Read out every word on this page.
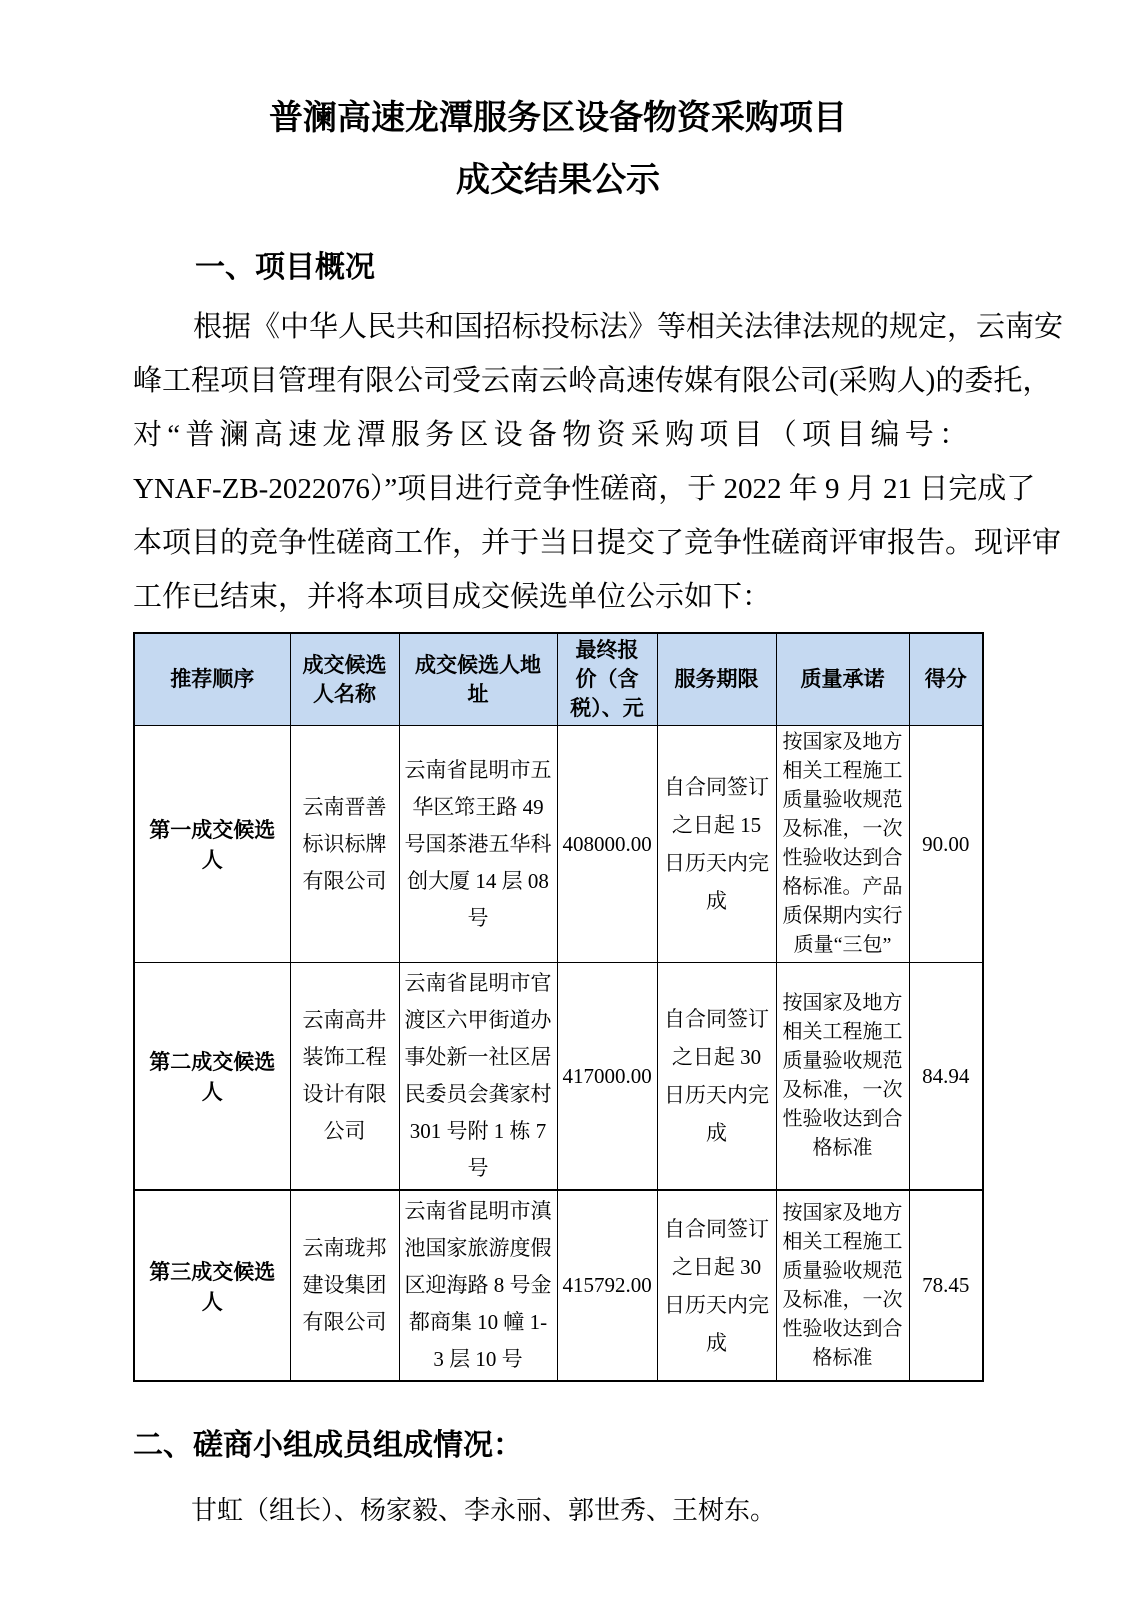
普澜高速龙潭服务区设备物资采购项目
成交结果公示
一、项目概况
根据《中华人民共和国招标投标法》等相关法律法规的规定，云南安
峰工程项目管理有限公司受云南云岭高速传媒有限公司(采购人)的委托，
对“普澜高速龙潭服务区设备物资采购项目（项目编号：
YNAF-ZB-2022076）”项目进行竞争性磋商，于 2022 年 9 月 21 日完成了
本项目的竞争性磋商工作，并于当日提交了竞争性磋商评审报告。现评审
工作已结束，并将本项目成交候选单位公示如下：
推荐顺序	成交候选人名称	成交候选人地址	最终报价（含税）、元	服务期限	质量承诺	得分
第一成交候选人	云南晋善标识标牌有限公司	云南省昆明市五华区筇王路 49 号国茶港五华科创大厦 14 层 08 号	408000.00	自合同签订之日起 15 日历天内完成	按国家及地方相关工程施工质量验收规范及标准，一次性验收达到合格标准。产品质保期内实行质量“三包”	90.00
第二成交候选人	云南高井装饰工程设计有限公司	云南省昆明市官渡区六甲街道办事处新一社区居民委员会龚家村 301 号附 1 栋 7 号	417000.00	自合同签订之日起 30 日历天内完成	按国家及地方相关工程施工质量验收规范及标准，一次性验收达到合格标准	84.94
第三成交候选人	云南珑邦建设集团有限公司	云南省昆明市滇池国家旅游度假区迎海路 8 号金都商集 10 幢 1-3 层 10 号	415792.00	自合同签订之日起 30 日历天内完成	按国家及地方相关工程施工质量验收规范及标准，一次性验收达到合格标准	78.45
二、磋商小组成员组成情况：
甘虹（组长）、杨家毅、李永丽、郭世秀、王树东。
